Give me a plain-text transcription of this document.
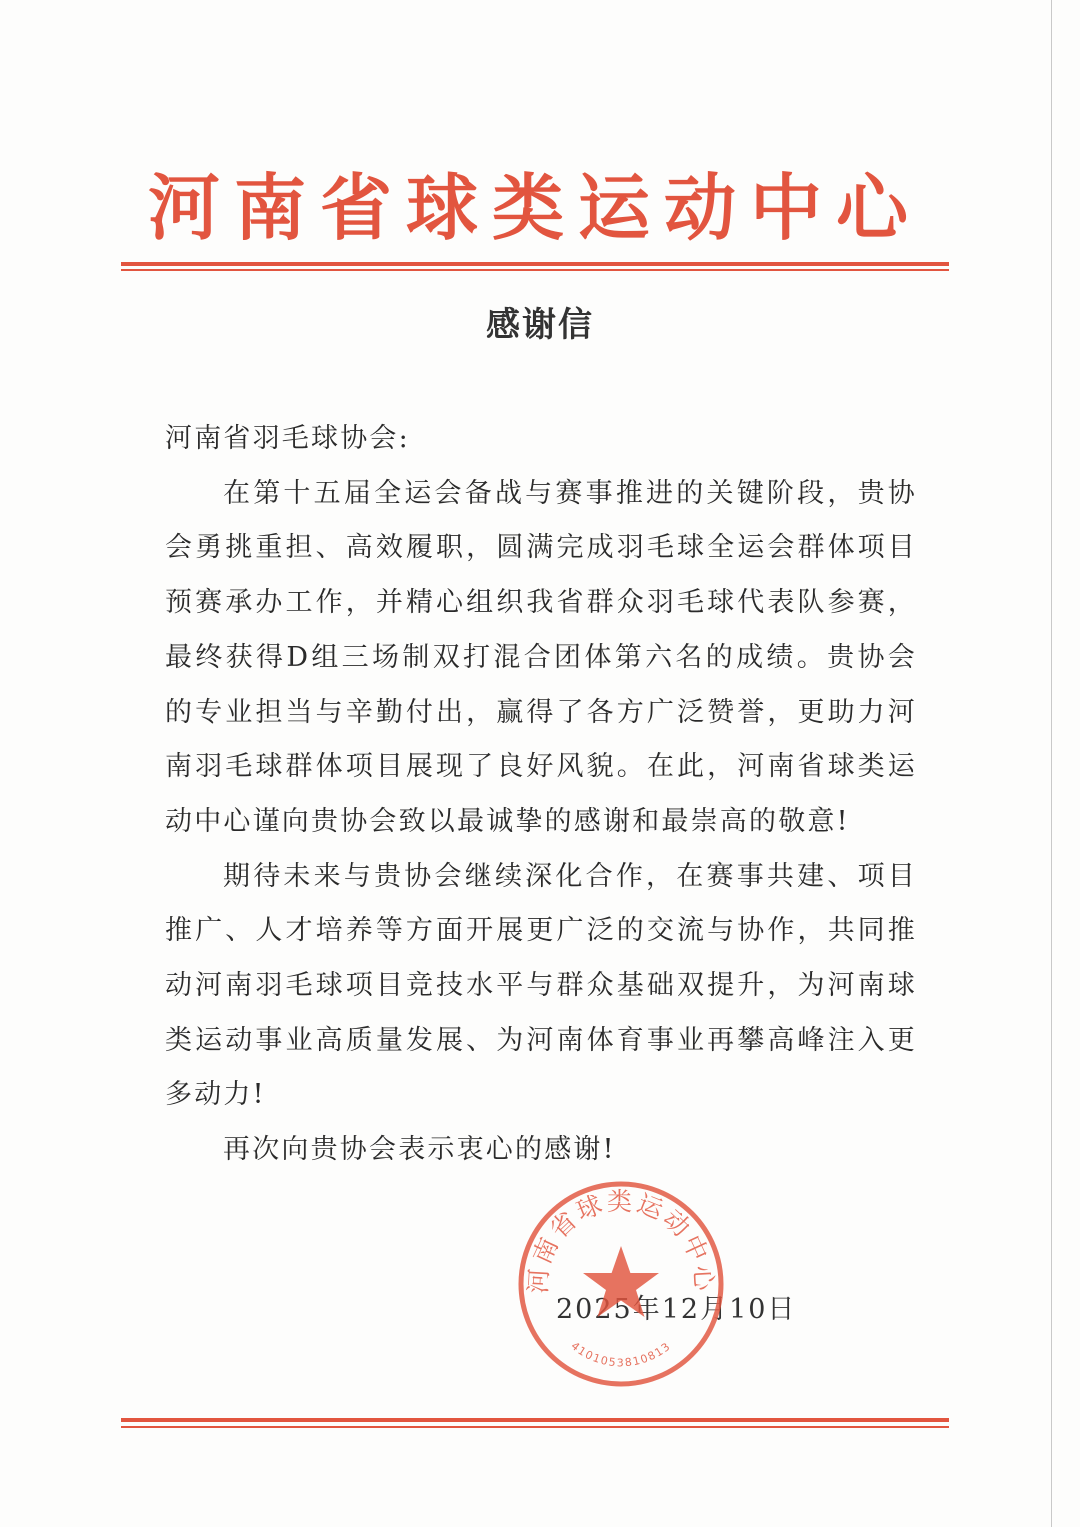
河南省球类运动中心
感谢信

河南省羽毛球协会:

在第十五届全运会备战与赛事推进的关键阶段，贵协会勇挑重担、高效履职，圆满完成羽毛球全运会群体项目预赛承办工作，并精心组织我省群众羽毛球代表队参赛，最终获得D组三场制双打混合团体第六名的成绩。贵协会的专业担当与辛勤付出，赢得了各方广泛赞誉，更助力河南羽毛球群体项目展现了良好风貌。在此，河南省球类运动中心谨向贵协会致以最诚挚的感谢和最崇高的敬意!

期待未来与贵协会继续深化合作，在赛事共建、项目推广、人才培养等方面开展更广泛的交流与协作，共同推动河南羽毛球项目竞技水平与群众基础双提升，为河南球类运动事业高质量发展、为河南体育事业再攀高峰注入更多动力!

再次向贵协会表示衷心的感谢!

2025年12月10日
河南省球类运动中心
4101053810813
